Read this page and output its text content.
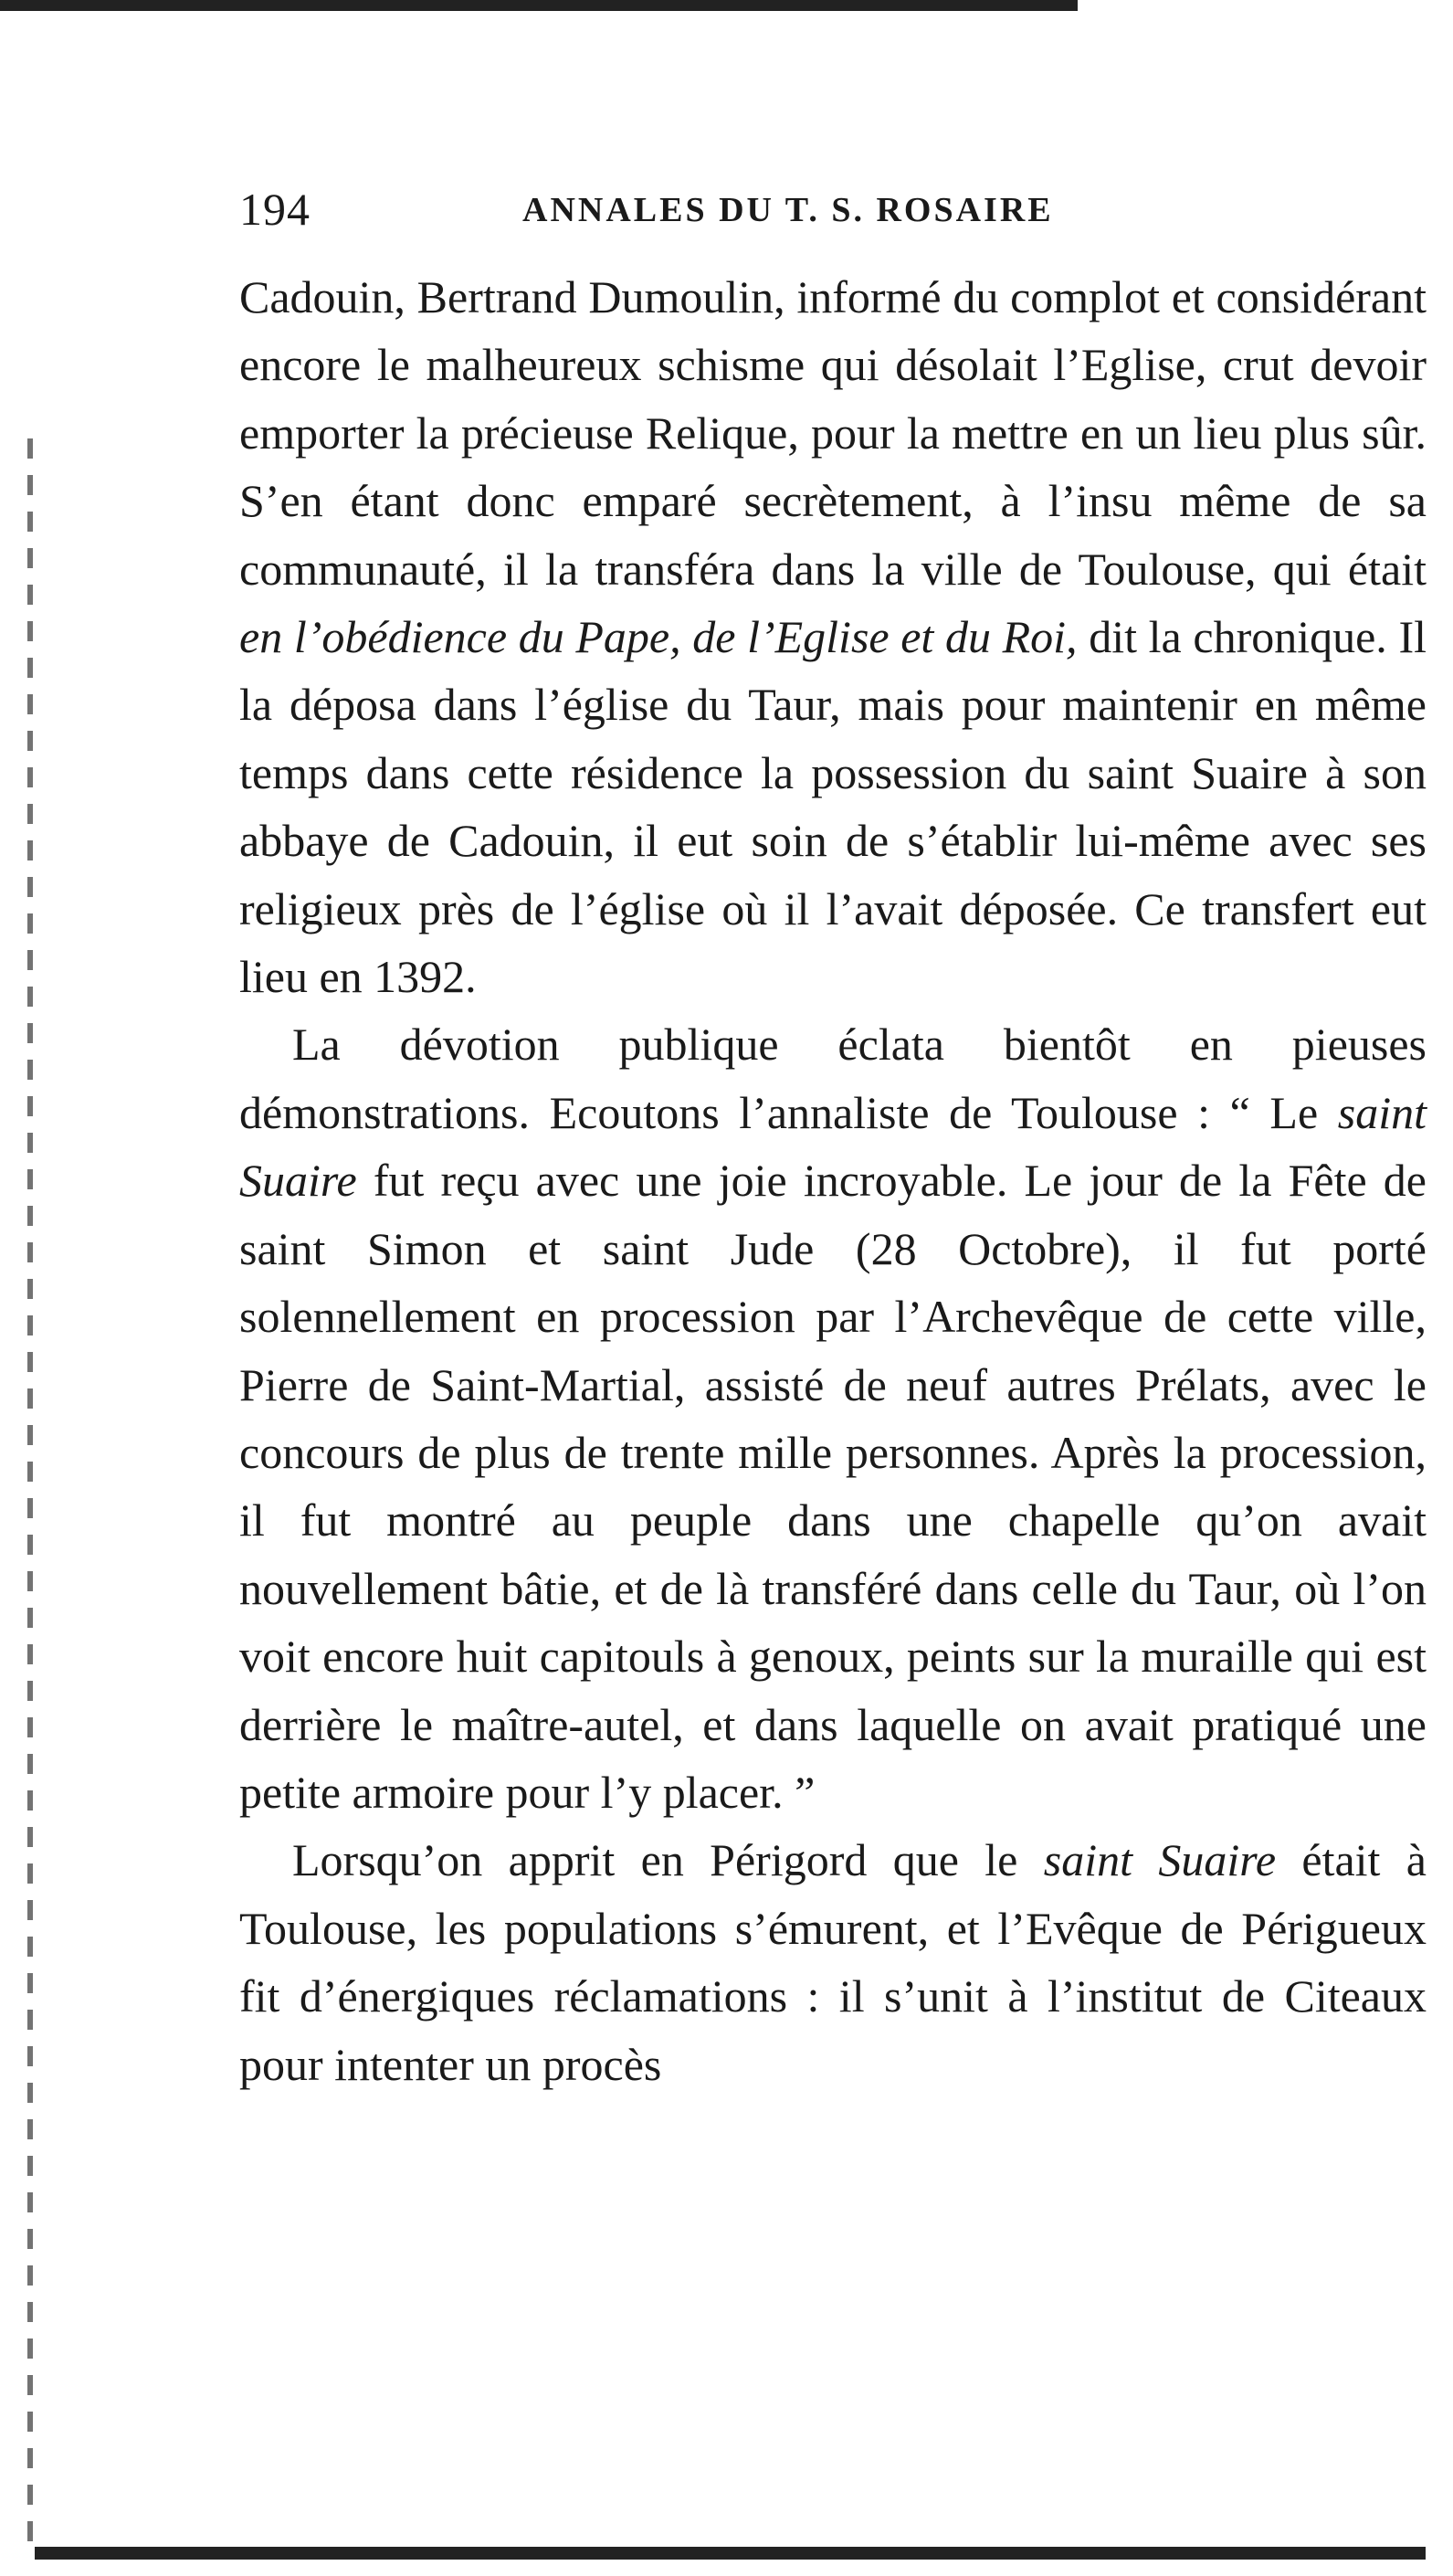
194	ANNALES DU T. S. ROSAIRE

Cadouin, Bertrand Dumoulin, informé du complot et considérant encore le malheureux schisme qui désolait l’Eglise, crut devoir emporter la précieuse Relique, pour la mettre en un lieu plus sûr. S’en étant donc emparé secrètement, à l’insu même de sa communauté, il la transféra dans la ville de Toulouse, qui était en l’obédience du Pape, de l’Eglise et du Roi, dit la chronique. Il la déposa dans l’église du Taur, mais pour maintenir en même temps dans cette résidence la possession du saint Suaire à son abbaye de Cadouin, il eut soin de s’établir lui-même avec ses religieux près de l’église où il l’avait déposée. Ce transfert eut lieu en 1392.

La dévotion publique éclata bientôt en pieuses démonstrations. Ecoutons l’annaliste de Toulouse : “ Le saint Suaire fut reçu avec une joie incroyable. Le jour de la Fête de saint Simon et saint Jude (28 Octobre), il fut porté solennellement en procession par l’Archevêque de cette ville, Pierre de Saint-Martial, assisté de neuf autres Prélats, avec le concours de plus de trente mille personnes. Après la procession, il fut montré au peuple dans une chapelle qu’on avait nouvellement bâtie, et de là transféré dans celle du Taur, où l’on voit encore huit capitouls à genoux, peints sur la muraille qui est derrière le maître-autel, et dans laquelle on avait pratiqué une petite armoire pour l’y placer. ”

Lorsqu’on apprit en Périgord que le saint Suaire était à Toulouse, les populations s’émurent, et l’Evêque de Périgueux fit d’énergiques réclamations : il s’unit à l’institut de Citeaux pour intenter un procès
